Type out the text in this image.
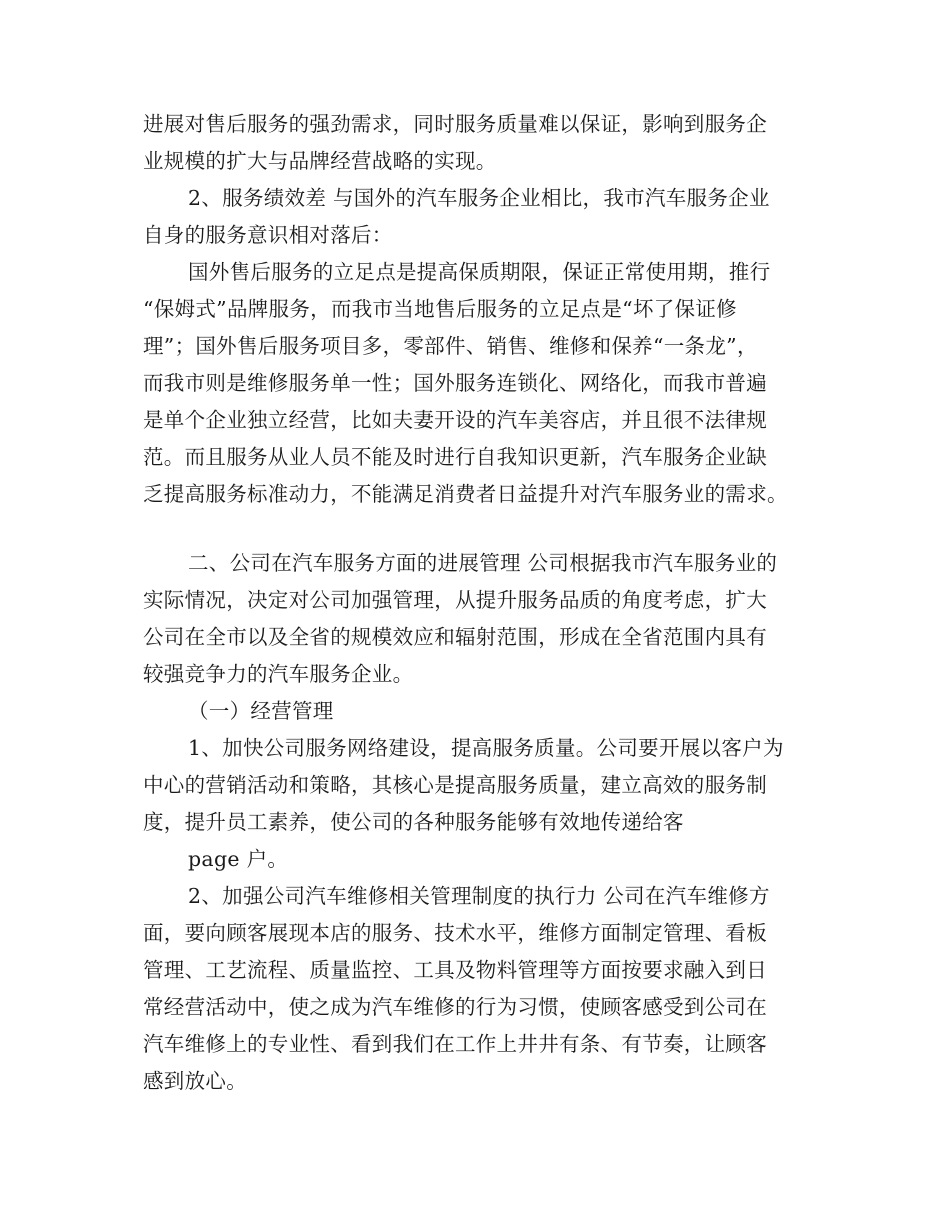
进展对售后服务的强劲需求，同时服务质量难以保证，影响到服务企
业规模的扩大与品牌经营战略的实现。
2、服务绩效差 与国外的汽车服务企业相比，我市汽车服务企业
自身的服务意识相对落后：
国外售后服务的立足点是提高保质期限，保证正常使用期，推行
“保姆式”品牌服务，而我市当地售后服务的立足点是“坏了保证修
理”；国外售后服务项目多，零部件、销售、维修和保养“一条龙”，
而我市则是维修服务单一性；国外服务连锁化、网络化，而我市普遍
是单个企业独立经营，比如夫妻开设的汽车美容店，并且很不法律规
范。而且服务从业人员不能及时进行自我知识更新，汽车服务企业缺
乏提高服务标准动力，不能满足消费者日益提升对汽车服务业的需求。
二、公司在汽车服务方面的进展管理 公司根据我市汽车服务业的
实际情况，决定对公司加强管理，从提升服务品质的角度考虑，扩大
公司在全市以及全省的规模效应和辐射范围，形成在全省范围内具有
较强竞争力的汽车服务企业。
（一）经营管理
1、加快公司服务网络建设，提高服务质量。公司要开展以客户为
中心的营销活动和策略，其核心是提高服务质量，建立高效的服务制
度，提升员工素养，使公司的各种服务能够有效地传递给客
page 户。
2、加强公司汽车维修相关管理制度的执行力 公司在汽车维修方
面，要向顾客展现本店的服务、技术水平，维修方面制定管理、看板
管理、工艺流程、质量监控、工具及物料管理等方面按要求融入到日
常经营活动中，使之成为汽车维修的行为习惯，使顾客感受到公司在
汽车维修上的专业性、看到我们在工作上井井有条、有节奏，让顾客
感到放心。
